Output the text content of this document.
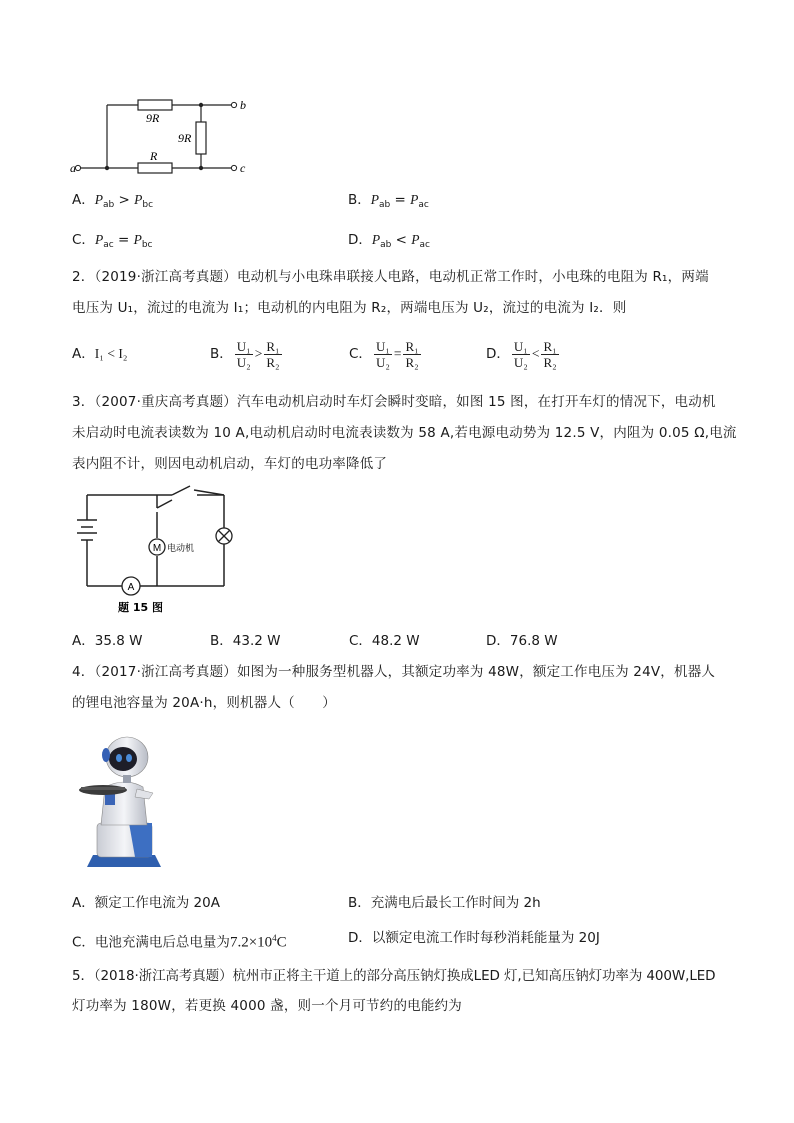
9R
9R
R
a
b
c
A．$P_{ab} > P_{bc}$	B．$P_{ab} = P_{ac}$
C．$P_{ac} = P_{bc}$	D．$P_{ab} < P_{ac}$
2．（2019·浙江高考真题）电动机与小电珠串联接人电路，电动机正常工作时，小电珠的电阻为 R₁，两端
电压为 U₁，流过的电流为 I₁；电动机的内电阻为 R₂，两端电压为 U₂，流过的电流为 I₂．则
A．I₁ < I₂	B． $\frac{\text{U₁}}{\text{U₂}} > \frac{\text{R₁}}{\text{R₂}}$	C． $\frac{\text{U₁}}{\text{U₂}} = \frac{\text{R₁}}{\text{R₂}}$	D． $\frac{\text{U₁}}{\text{U₂}} < \frac{\text{R₁}}{\text{R₂}}$
3．（2007·重庆高考真题）汽车电动机启动时车灯会瞬时变暗，如图 15 图，在打开车灯的情况下，电动机
未启动时电流表读数为 10 A,电动机启动时电流表读数为 58 A,若电源电动势为 12.5 V，内阻为 0.05 Ω,电流
表内阻不计，则因电动机启动，车灯的电功率降低了
M 电动机
A
题 15 图
A．35.8 W	B．43.2 W	C．48.2 W	D．76.8 W
4．（2017·浙江高考真题）如图为一种服务型机器人，其额定功率为 48W，额定工作电压为 24V，机器人
的锂电池容量为 20A·h，则机器人（　　）
A．额定工作电流为 20A	B．充满电后最长工作时间为 2h
C．电池充满电后总电量为$7.2\times 10^4C$	D．以额定电流工作时每秒消耗能量为 20J
5．（2018·浙江高考真题）杭州市正将主干道上的部分高压钠灯换成LED 灯,已知高压钠灯功率为 400W,LED
灯功率为 180W，若更换 4000 盏，则一个月可节约的电能约为
